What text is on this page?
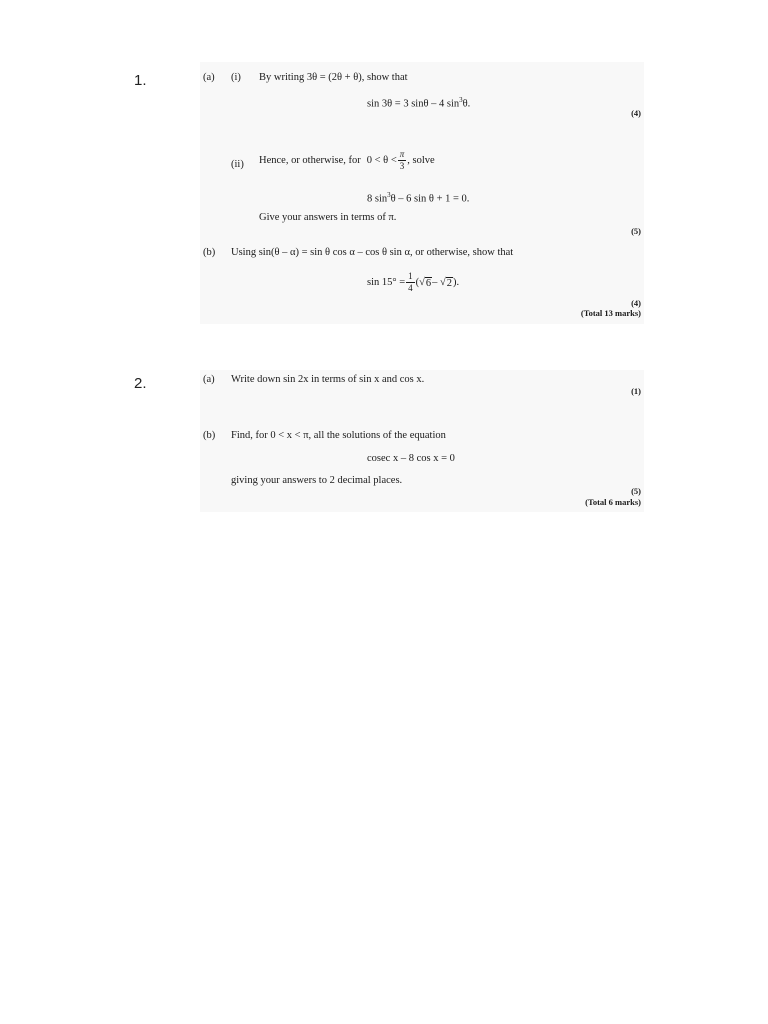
1.	(a) (i) By writing 3θ = (2θ + θ), show that
sin 3θ = 3 sinθ – 4 $\sin^3\theta$.
(4)
(ii) Hence, or otherwise, for $0 < \theta < \frac{\pi}{3}$ , solve
8 $\sin^3\theta - 6$ sin θ + 1 = 0.
Give your answers in terms of π.
(5)
(b) Using sin(θ – α) = sin θ cos α – cos θ sin α, or otherwise, show that
$\sin 15^\circ = \frac{1}{4}$ (√ 6 – √ 2 ).
(4)
(Total 13 marks)
2.	(a) Write down sin 2x in terms of sin x and cos x.
(1)
(b) Find, for 0 < x < π, all the solutions of the equation
cosec x – 8 cos x = 0
giving your answers to 2 decimal places.
(5)
(Total 6 marks)
